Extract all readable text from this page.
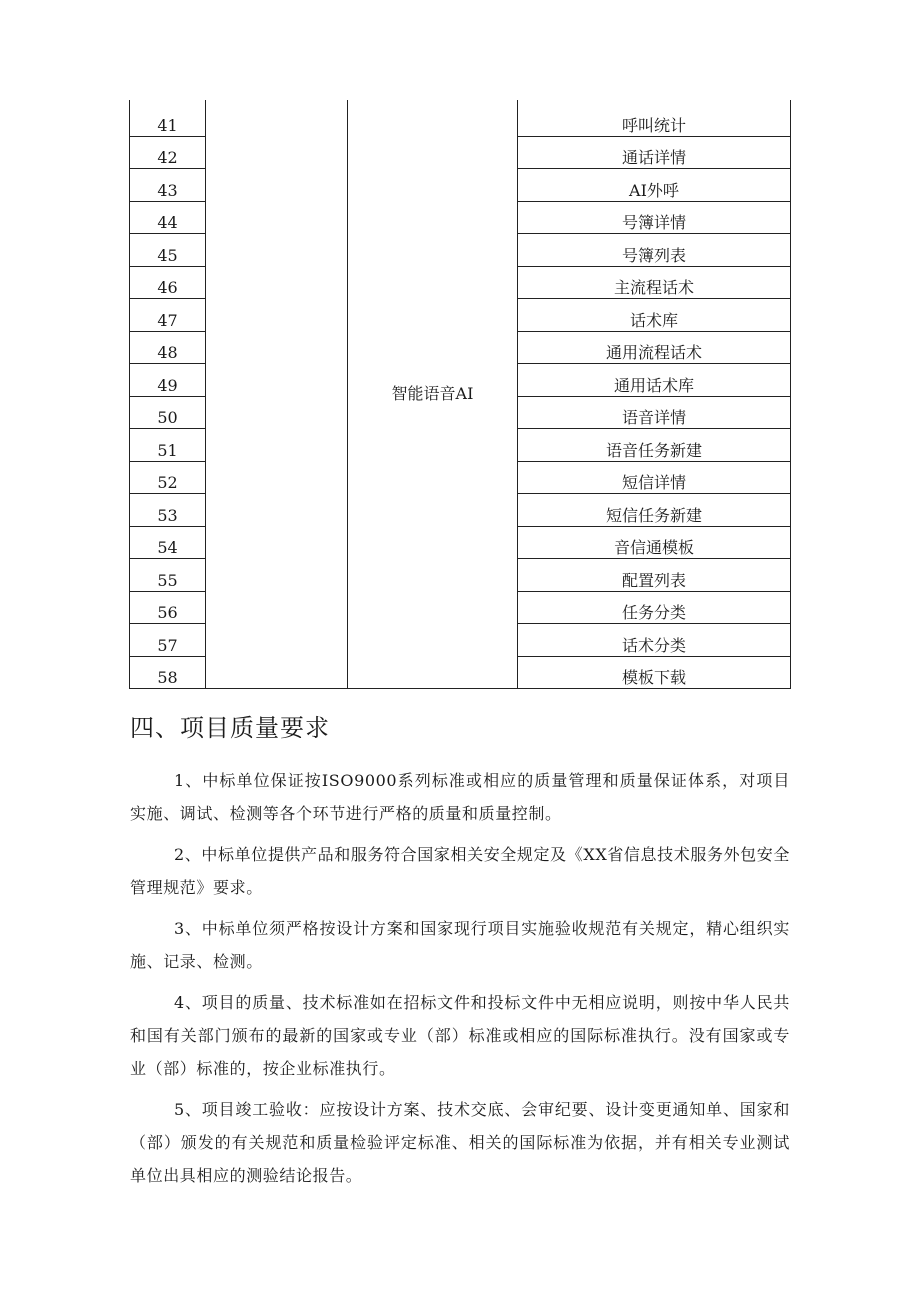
41		智能语音AI	呼叫统计
42			通话详情
43			AI外呼
44			号簿详情
45			号簿列表
46			主流程话术
47			话术库
48			通用流程话术
49			通用话术库
50			语音详情
51			语音任务新建
52			短信详情
53			短信任务新建
54			音信通模板
55			配置列表
56			任务分类
57			话术分类
58			模板下载
四、项目质量要求

1、中标单位保证按ISO9000系列标准或相应的质量管理和质量保证体系，对项目实施、调试、检测等各个环节进行严格的质量和质量控制。

2、中标单位提供产品和服务符合国家相关安全规定及《XX省信息技术服务外包安全管理规范》要求。

3、中标单位须严格按设计方案和国家现行项目实施验收规范有关规定，精心组织实施、记录、检测。

4、项目的质量、技术标准如在招标文件和投标文件中无相应说明，则按中华人民共和国有关部门颁布的最新的国家或专业（部）标准或相应的国际标准执行。没有国家或专业（部）标准的，按企业标准执行。

5、项目竣工验收：应按设计方案、技术交底、会审纪要、设计变更通知单、国家和（部）颁发的有关规范和质量检验评定标准、相关的国际标准为依据，并有相关专业测试单位出具相应的测验结论报告。
